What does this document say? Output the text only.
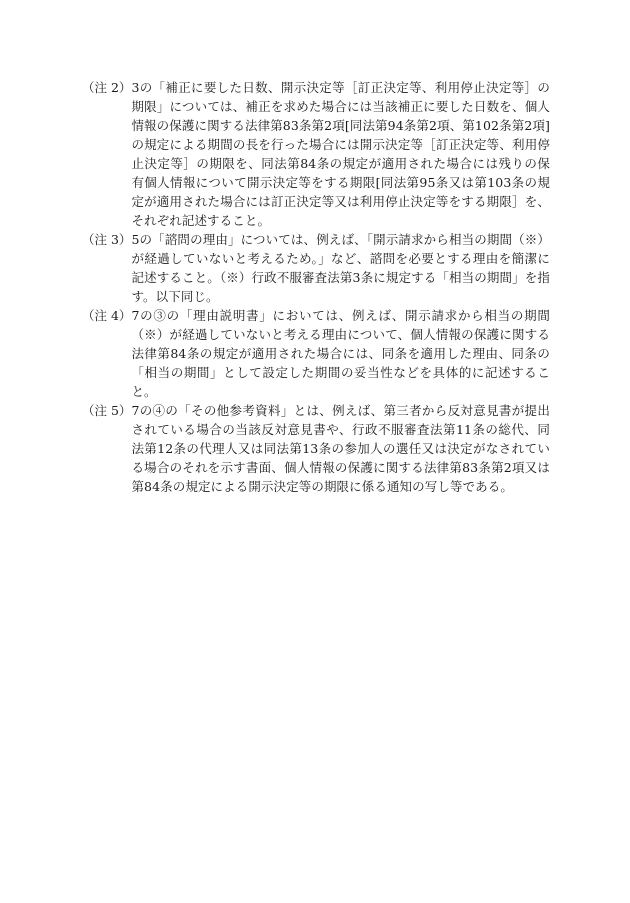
（注 2） 3の「補正に要した日数、開示決定等［訂正決定等、利用停止決定等］の期限」については、補正を求めた場合には当該補正に要した日数を、個人情報の保護に関する法律第83条第2項[同法第94条第2項、第102条第2項]の規定による期間の長を行った場合には開示決定等［訂正決定等、利用停止決定等］の期限を、同法第84条の規定が適用された場合には残りの保有個人情報について開示決定等をする期限[同法第95条又は第103条の規定が適用された場合には訂正決定等又は利用停止決定等をする期限］を、それぞれ記述すること。
（注 3） 5の「諮問の理由」については、例えば、「開示請求から相当の期間（※）が経過していないと考えるため。」など、諮問を必要とする理由を簡潔に記述すること。（※）行政不服審査法第3条に規定する「相当の期間」を指す。以下同じ。
（注 4） 7の③の「理由説明書」においては、例えば、開示請求から相当の期間（※）が経過していないと考える理由について、個人情報の保護に関する法律第84条の規定が適用された場合には、同条を適用した理由、同条の「相当の期間」として設定した期間の妥当性などを具体的に記述すること。
（注 5） 7の④の「その他参考資料」とは、例えば、第三者から反対意見書が提出されている場合の当該反対意見書や、行政不服審査法第11条の総代、同法第12条の代理人又は同法第13条の参加人の選任又は決定がなされている場合のそれを示す書面、個人情報の保護に関する法律第83条第2項又は第84条の規定による開示決定等の期限に係る通知の写し等である。
